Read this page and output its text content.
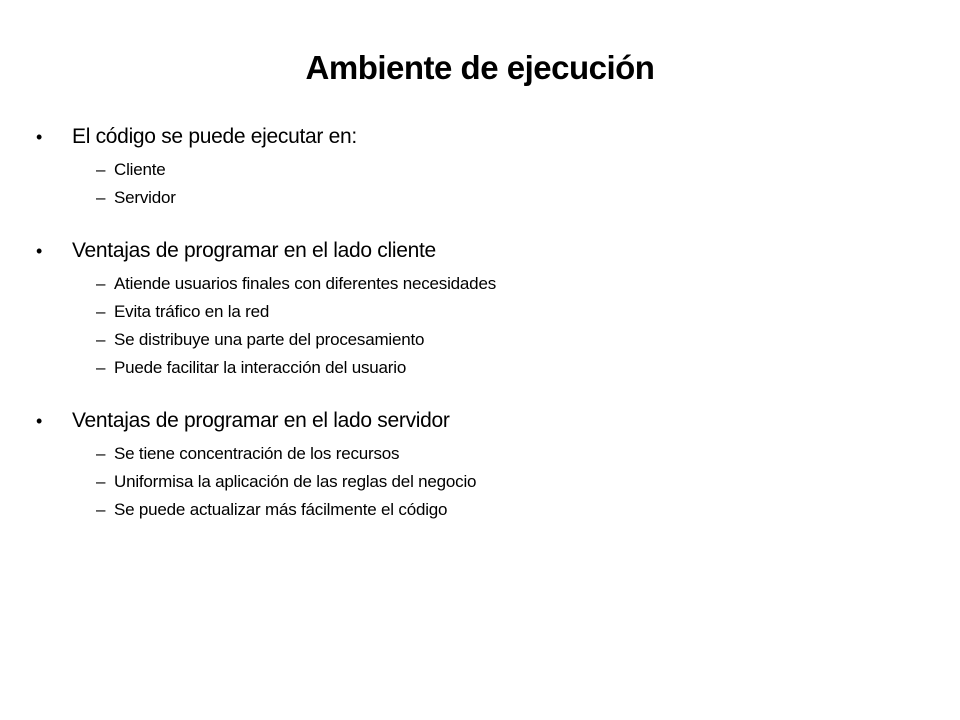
Ambiente de ejecución
•	El código se puede ejecutar en:
– Cliente
– Servidor
•	Ventajas de programar en el lado cliente
– Atiende usuarios finales con diferentes necesidades
– Evita tráfico en la red
– Se distribuye una parte del procesamiento
– Puede facilitar la interacción del usuario
•	Ventajas de programar en el lado servidor
– Se tiene concentración de los recursos
– Uniformisa la aplicación de las reglas del negocio
– Se puede actualizar más fácilmente el código
